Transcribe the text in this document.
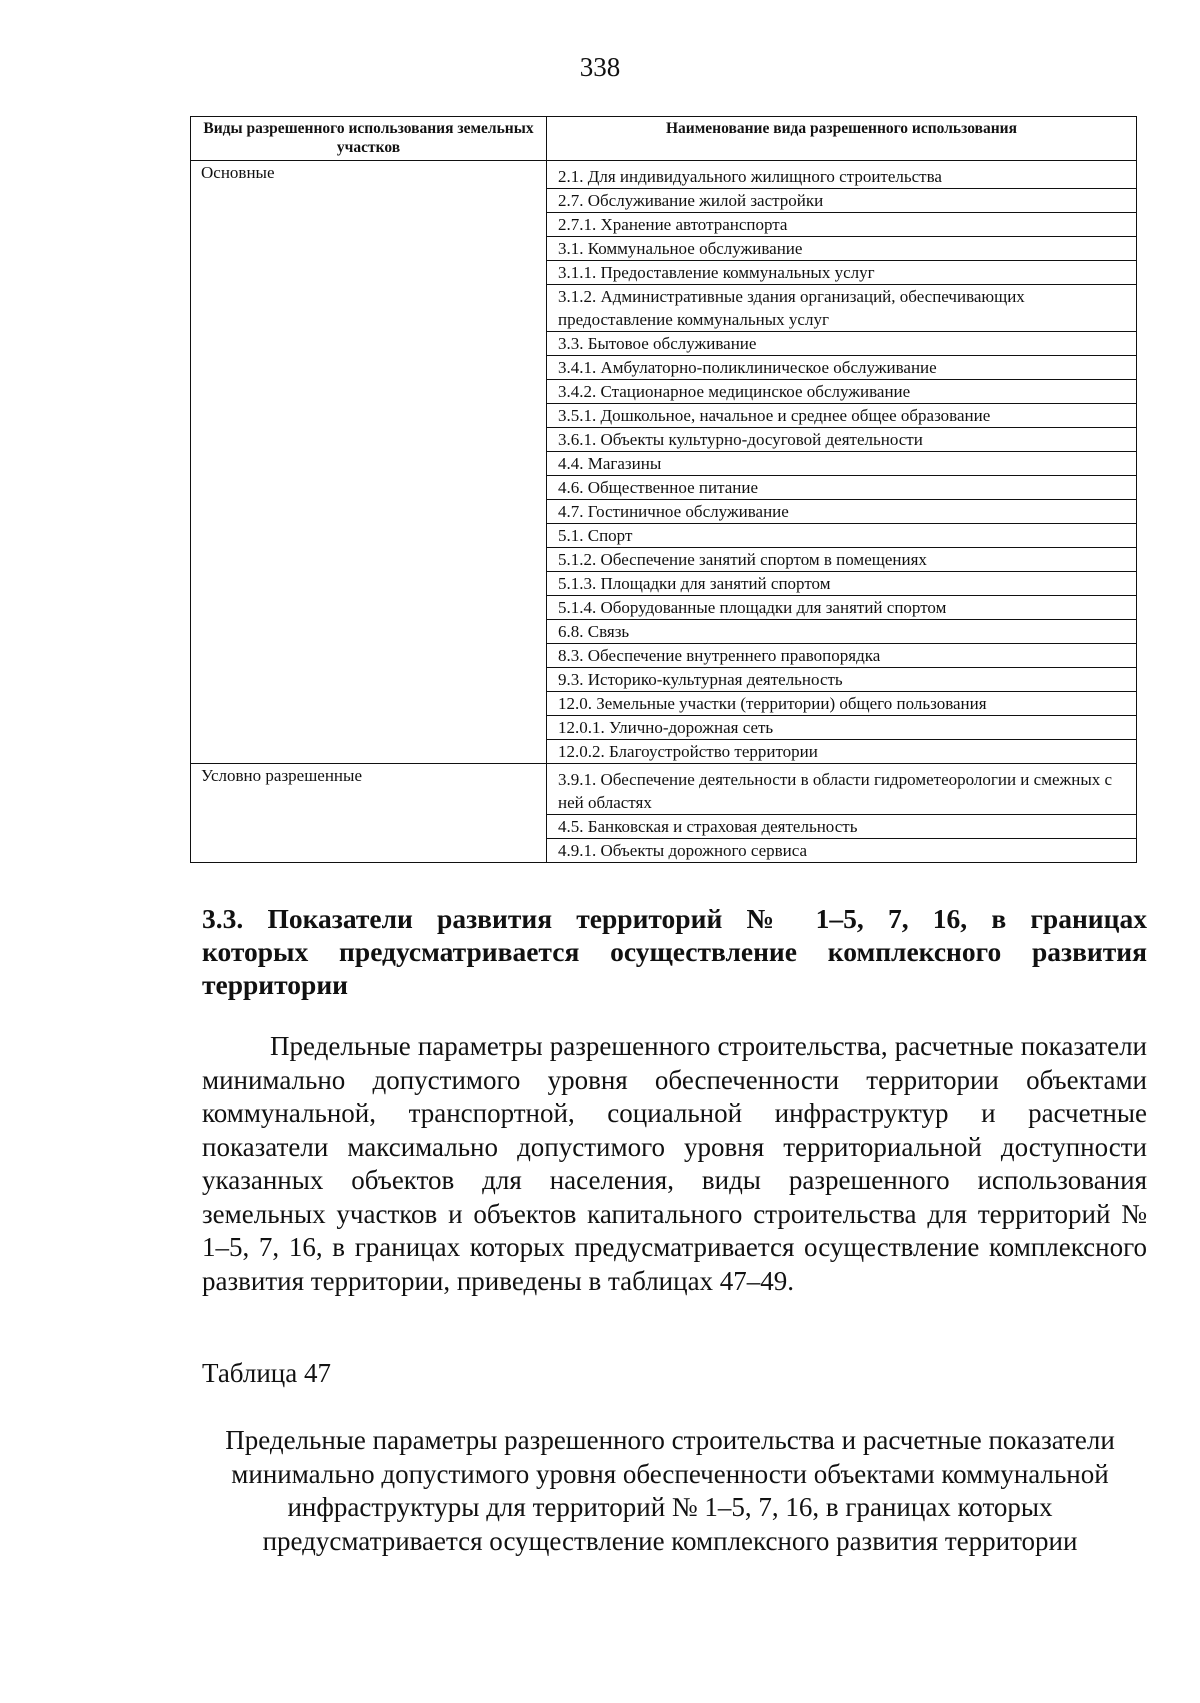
338
Виды разрешенного использования земельных участков	Наименование вида разрешенного использования
Основные	2.1. Для индивидуального жилищного строительства
	2.7. Обслуживание жилой застройки
	2.7.1. Хранение автотранспорта
	3.1. Коммунальное обслуживание
	3.1.1. Предоставление коммунальных услуг
	3.1.2. Административные здания организаций, обеспечивающих предоставление коммунальных услуг
	3.3. Бытовое обслуживание
	3.4.1. Амбулаторно-поликлиническое обслуживание
	3.4.2. Стационарное медицинское обслуживание
	3.5.1. Дошкольное, начальное и среднее общее образование
	3.6.1. Объекты культурно-досуговой деятельности
	4.4. Магазины
	4.6. Общественное питание
	4.7. Гостиничное обслуживание
	5.1. Спорт
	5.1.2. Обеспечение занятий спортом в помещениях
	5.1.3. Площадки для занятий спортом
	5.1.4. Оборудованные площадки для занятий спортом
	6.8. Связь
	8.3. Обеспечение внутреннего правопорядка
	9.3. Историко-культурная деятельность
	12.0. Земельные участки (территории) общего пользования
	12.0.1. Улично-дорожная сеть
	12.0.2. Благоустройство территории
Условно разрешенные	3.9.1. Обеспечение деятельности в области гидрометеорологии и смежных с ней областях
	4.5. Банковская и страховая деятельность
	4.9.1. Объекты дорожного сервиса
3.3. Показатели развития территорий № 1–5, 7, 16, в границах
которых предусматривается осуществление комплексного развития
территории

Предельные параметры разрешенного строительства, расчетные показатели минимально допустимого уровня обеспеченности территории объектами коммунальной, транспортной, социальной инфраструктур и расчетные показатели максимально допустимого уровня территориальной доступности указанных объектов для населения, виды разрешенного использования земельных участков и объектов капитального строительства для территорий № 1–5, 7, 16, в границах которых предусматривается осуществление комплексного развития территории, приведены в таблицах 47–49.

Таблица 47

Предельные параметры разрешенного строительства и расчетные показатели минимально допустимого уровня обеспеченности объектами коммунальной инфраструктуры для территорий № 1–5, 7, 16, в границах которых предусматривается осуществление комплексного развития территории
